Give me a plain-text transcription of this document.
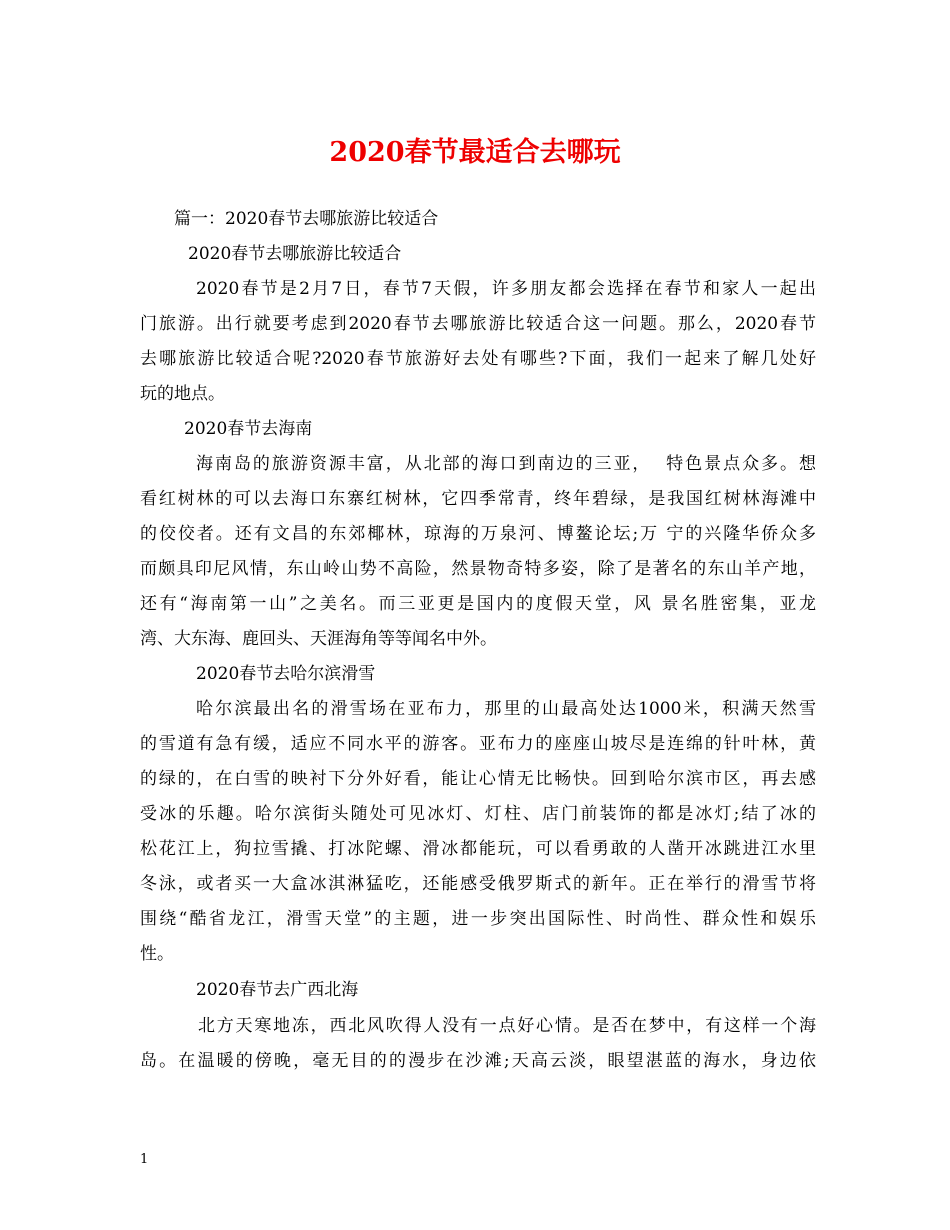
2020春节最适合去哪玩
篇一：2020春节去哪旅游比较适合
2020春节去哪旅游比较适合
2020春节是2月7日，春节7天假，许多朋友都会选择在春节和家人一起出
门旅游。出行就要考虑到2020春节去哪旅游比较适合这一问题。那么，2020春节
去哪旅游比较适合呢?2020春节旅游好去处有哪些?下面，我们一起来了解几处好
玩的地点。
2020春节去海南
海南岛的旅游资源丰富，从北部的海口到南边的三亚，  特色景点众多。想
看红树林的可以去海口东寨红树林，它四季常青，终年碧绿，是我国红树林海滩中
的佼佼者。还有文昌的东郊椰林，琼海的万泉河、博鳌论坛;万 宁的兴隆华侨众多
而颇具印尼风情，东山岭山势不高险，然景物奇特多姿，除了是著名的东山羊产地，
还有“海南第一山”之美名。而三亚更是国内的度假天堂，风 景名胜密集，亚龙
湾、大东海、鹿回头、天涯海角等等闻名中外。
2020春节去哈尔滨滑雪
哈尔滨最出名的滑雪场在亚布力，那里的山最高处达1000米，积满天然雪
的雪道有急有缓，适应不同水平的游客。亚布力的座座山坡尽是连绵的针叶林，黄
的绿的，在白雪的映衬下分外好看，能让心情无比畅快。回到哈尔滨市区，再去感
受冰的乐趣。哈尔滨街头随处可见冰灯、灯柱、店门前装饰的都是冰灯;结了冰的
松花江上，狗拉雪撬、打冰陀螺、滑冰都能玩，可以看勇敢的人凿开冰跳进江水里
冬泳，或者买一大盒冰淇淋猛吃，还能感受俄罗斯式的新年。正在举行的滑雪节将
围绕“酷省龙江，滑雪天堂”的主题，进一步突出国际性、时尚性、群众性和娱乐
性。
2020春节去广西北海
北方天寒地冻，西北风吹得人没有一点好心情。是否在梦中，有这样一个海
岛。在温暖的傍晚，毫无目的的漫步在沙滩;天高云淡，眼望湛蓝的海水，身边依
1
